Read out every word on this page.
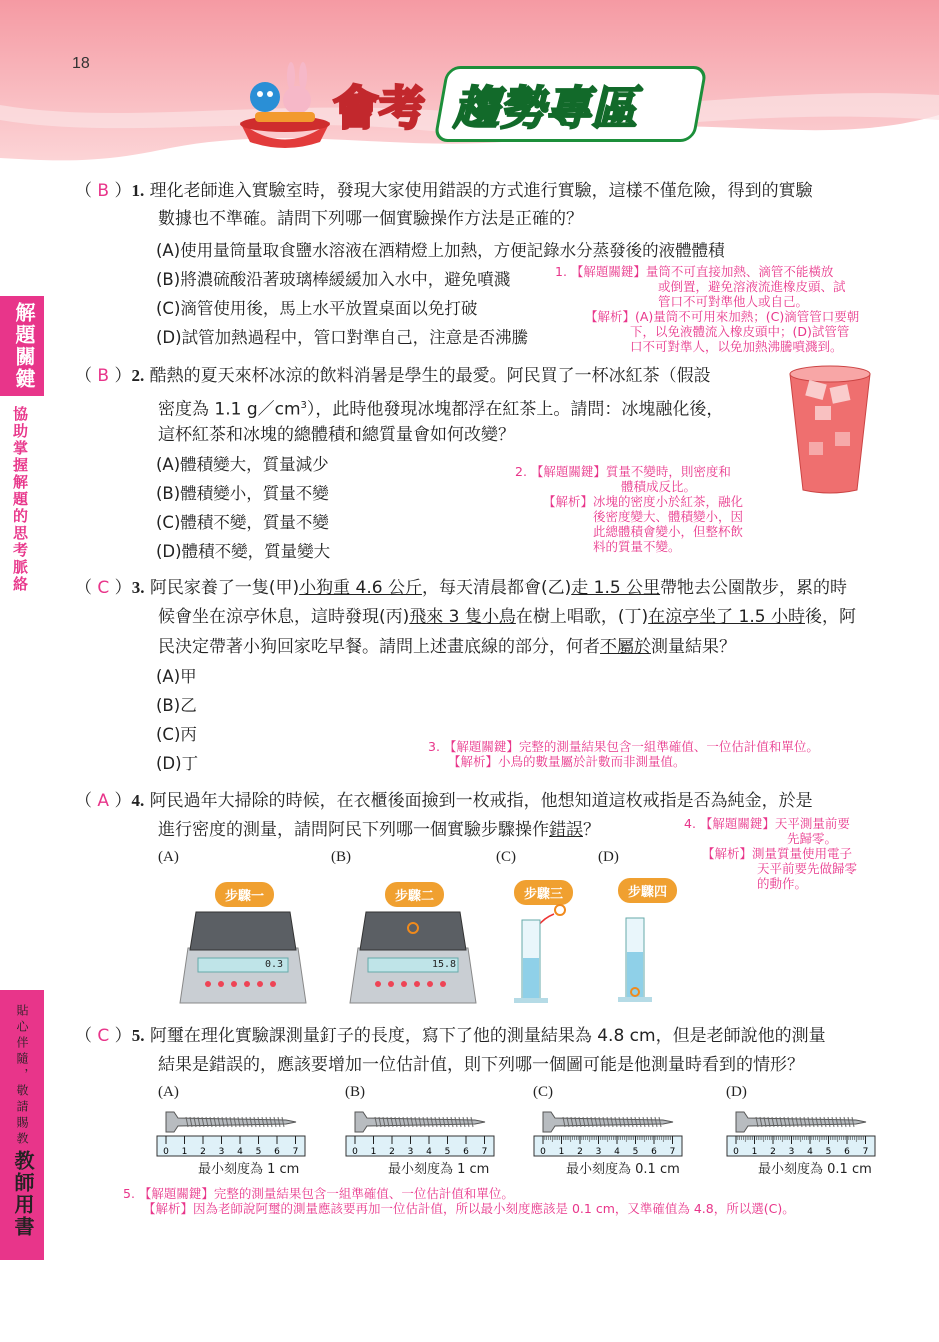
18
會考 趨勢專區
解題關鍵
協助掌握解題的思考脈絡
貼心伴隨，敬請賜教
教師用書
（ B ）1. 理化老師進入實驗室時，發現大家使用錯誤的方式進行實驗，這樣不僅危險，得到的實驗
數據也不準確。請問下列哪一個實驗操作方法是正確的？
(A)使用量筒量取食鹽水溶液在酒精燈上加熱，方便記錄水分蒸發後的液體體積
(B)將濃硫酸沿著玻璃棒緩緩加入水中，避免噴濺
(C)滴管使用後，馬上水平放置桌面以免打破
(D)試管加熱過程中，管口對準自己，注意是否沸騰
1. 【解題關鍵】量筒不可直接加熱、滴管不能橫放
或倒置，避免溶液流進橡皮頭、試
管口不可對準他人或自己。
【解析】(A)量筒不可用來加熱；(C)滴管管口要朝
下，以免液體流入橡皮頭中；(D)試管管
口不可對準人，以免加熱沸騰噴濺到。
（ B ）2. 酷熱的夏天來杯冰涼的飲料消暑是學生的最愛。阿民買了一杯冰紅茶（假設
密度為 1.1 $g/cm^3$），此時他發現冰塊都浮在紅茶上。請問：冰塊融化後，
這杯紅茶和冰塊的總體積和總質量會如何改變？
(A)體積變大，質量減少
(B)體積變小，質量不變
(C)體積不變，質量不變
(D)體積不變，質量變大
2. 【解題關鍵】質量不變時，則密度和
體積成反比。
【解析】冰塊的密度小於紅茶，融化
後密度變大、體積變小，因
此總體積會變小，但整杯飲
料的質量不變。
（ C ）3. 阿民家養了一隻(甲)小狗重 4.6 公斤，每天清晨都會(乙)走 1.5 公里帶牠去公園散步，累的時
候會坐在涼亭休息，這時發現(丙)飛來 3 隻小鳥在樹上唱歌，(丁)在涼亭坐了 1.5 小時後，阿
民決定帶著小狗回家吃早餐。請問上述畫底線的部分，何者不屬於測量結果？
(A)甲
(B)乙
(C)丙
(D)丁
3. 【解題關鍵】完整的測量結果包含一組準確值、一位估計值和單位。
【解析】小鳥的數量屬於計數而非測量值。
（ A ）4. 阿民過年大掃除的時候，在衣櫃後面撿到一枚戒指，他想知道這枚戒指是否為純金，於是
進行密度的測量，請問阿民下列哪一個實驗步驟操作錯誤？	4. 【解題關鍵】天平測量前要
先歸零。
【解析】測量質量使用電子
天平前要先做歸零
的動作。
(A)	(B)	(C)	(D)
步驟一	步驟二	步驟三	步驟四
0.3	15.8
（ C ）5. 阿璽在理化實驗課測量釘子的長度，寫下了他的測量結果為 4.8 cm，但是老師說他的測量
結果是錯誤的，應該要增加一位估計值，則下列哪一個圖可能是他測量時看到的情形？
(A)	(B)	(C)	(D)
0 1 2 3 4 5 6 7	0 1 2 3 4 5 6 7	0 1 2 3 4 5 6 7	0 1 2 3 4 5 6 7
最小刻度為 1 cm	最小刻度為 1 cm	最小刻度為 0.1 cm	最小刻度為 0.1 cm
5. 【解題關鍵】完整的測量結果包含一組準確值、一位估計值和單位。
【解析】因為老師說阿璽的測量應該要再加一位估計值，所以最小刻度應該是 0.1 cm，又準確值為 4.8，所以選(C)。
